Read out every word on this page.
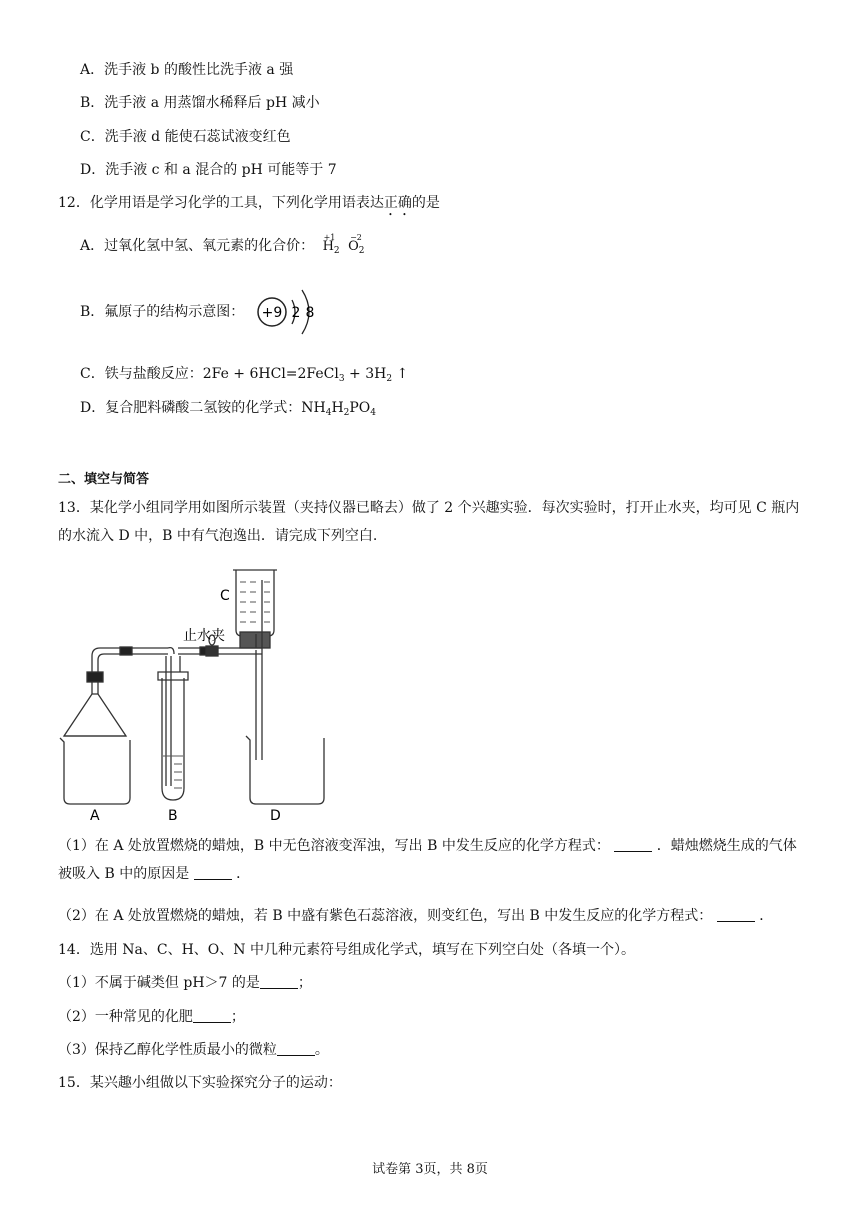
A．洗手液 b 的酸性比洗手液 a 强
B．洗手液 a 用蒸馏水稀释后 pH 减小
C．洗手液 d 能使石蕊试液变红色
D．洗手液 c 和 a 混合的 pH 可能等于 7
12．化学用语是学习化学的工具，下列化学用语表达正确的是
A．过氧化氢中氢、氧元素的化合价：
+1
$H_2$
−2
$O_2$
B．氟原子的结构示意图： +9 2 8
C．铁与盐酸反应：2Fe + 6HCl=2FeCl$_3$ + $3H_2$ ↑
D．复合肥料磷酸二氢铵的化学式：$NH_4H_2PO_4$
二、填空与简答
13．某化学小组同学用如图所示装置（夹持仪器已略去）做了 2 个兴趣实验．每次实验时，打开止水夹，均可见 C 瓶内的水流入 D 中，B 中有气泡逸出．请完成下列空白.
C
止水夹
A	B	D
（1）在 A 处放置燃烧的蜡烛，B 中无色溶液变浑浊，写出 B 中发生反应的化学方程式：	．蜡烛燃烧生成的气体被吸入 B 中的原因是	．
（2）在 A 处放置燃烧的蜡烛，若 B 中盛有紫色石蕊溶液，则变红色，写出 B 中发生反应的化学方程式：	．
14．选用 Na、C、H、O、N 中几种元素符号组成化学式，填写在下列空白处（各填一个）。
（1）不属于碱类但 pH＞7 的是	；
（2）一种常见的化肥	；
（3）保持乙醇化学性质最小的微粒	。
15．某兴趣小组做以下实验探究分子的运动：
试卷第 3页，共 8页
